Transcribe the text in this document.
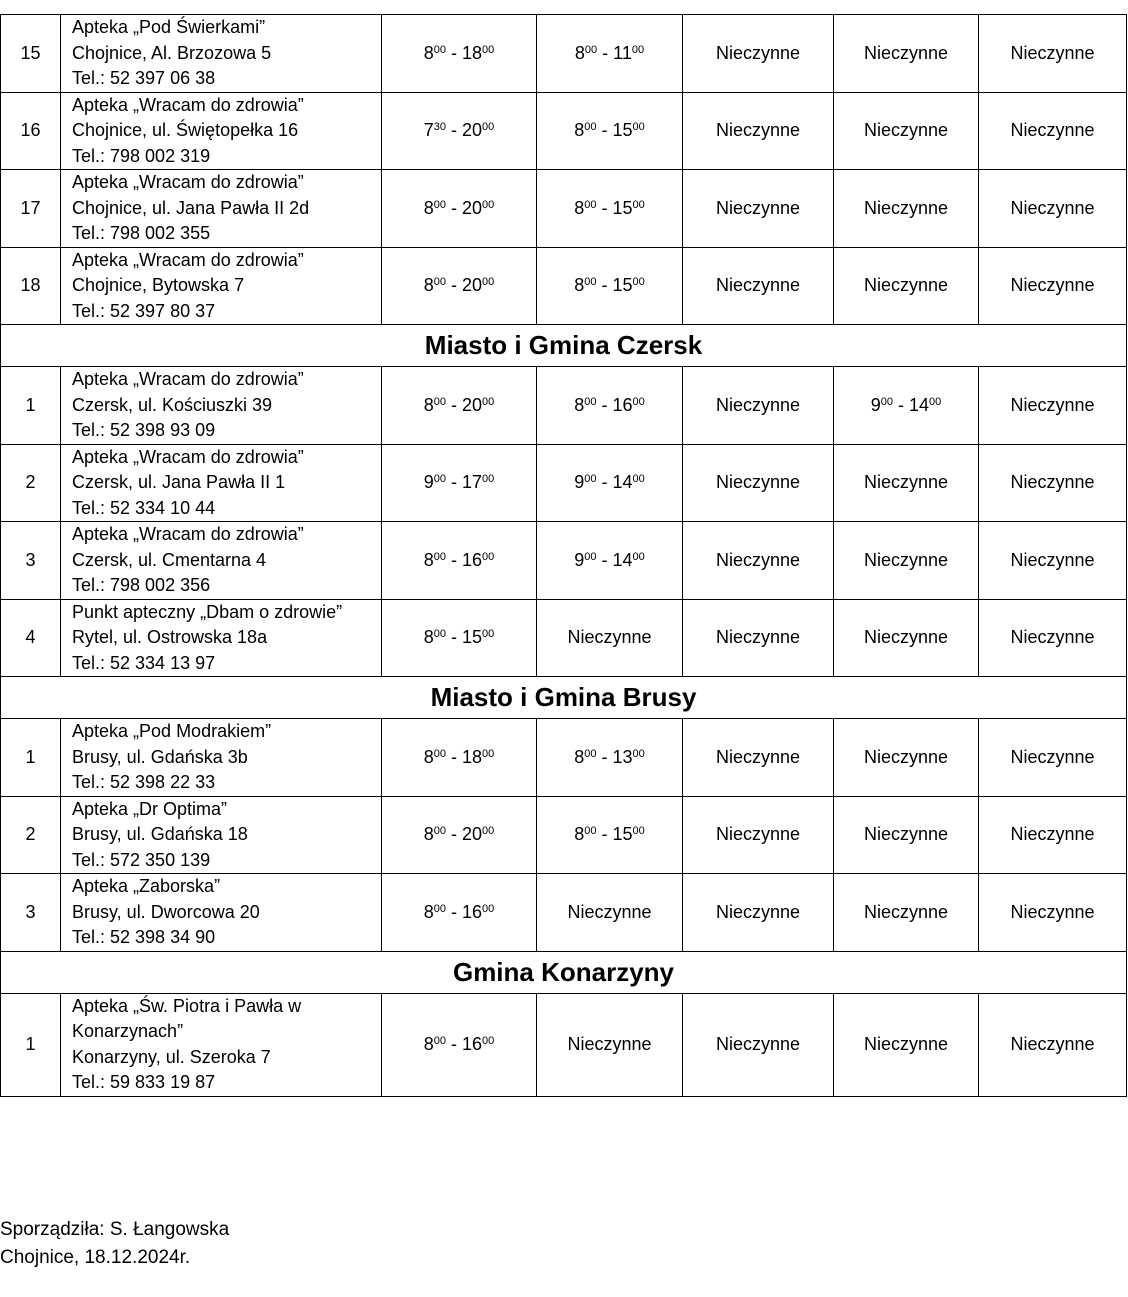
15	Apteka „Pod Świerkami”
Chojnice, Al. Brzozowa 5
Tel.: 52 397 06 38	$8^{00} - 18^{00}$	$8^{00} - 11^{00}$	Nieczynne	Nieczynne	Nieczynne
16	Apteka „Wracam do zdrowia”
Chojnice, ul. Świętopełka 16
Tel.: 798 002 319	$7^{30} - 20^{00}$	$8^{00} - 15^{00}$	Nieczynne	Nieczynne	Nieczynne
17	Apteka „Wracam do zdrowia”
Chojnice, ul. Jana Pawła II 2d
Tel.: 798 002 355	$8^{00} - 20^{00}$	$8^{00} - 15^{00}$	Nieczynne	Nieczynne	Nieczynne
18	Apteka „Wracam do zdrowia”
Chojnice, Bytowska 7
Tel.: 52 397 80 37	$8^{00} - 20^{00}$	$8^{00} - 15^{00}$	Nieczynne	Nieczynne	Nieczynne
Miasto i Gmina Czersk						
1	Apteka „Wracam do zdrowia”
Czersk, ul. Kościuszki 39
Tel.: 52 398 93 09	$8^{00} - 20^{00}$	$8^{00} - 16^{00}$	Nieczynne	$9^{00} - 14^{00}$	Nieczynne
2	Apteka „Wracam do zdrowia”
Czersk, ul. Jana Pawła II 1
Tel.: 52 334 10 44	$9^{00} - 17^{00}$	$9^{00} - 14^{00}$	Nieczynne	Nieczynne	Nieczynne
3	Apteka „Wracam do zdrowia”
Czersk, ul. Cmentarna 4
Tel.: 798 002 356	$8^{00} - 16^{00}$	$9^{00} - 14^{00}$	Nieczynne	Nieczynne	Nieczynne
4	Punkt apteczny „Dbam o zdrowie”
Rytel, ul. Ostrowska 18a
Tel.: 52 334 13 97	$8^{00} - 15^{00}$	Nieczynne	Nieczynne	Nieczynne	Nieczynne
Miasto i Gmina Brusy						
1	Apteka „Pod Modrakiem”
Brusy, ul. Gdańska 3b
Tel.: 52 398 22 33	$8^{00} - 18^{00}$	$8^{00} - 13^{00}$	Nieczynne	Nieczynne	Nieczynne
2	Apteka „Dr Optima”
Brusy, ul. Gdańska 18
Tel.: 572 350 139	$8^{00} - 20^{00}$	$8^{00} - 15^{00}$	Nieczynne	Nieczynne	Nieczynne
3	Apteka „Zaborska”
Brusy, ul. Dworcowa 20
Tel.: 52 398 34 90	$8^{00} - 16^{00}$	Nieczynne	Nieczynne	Nieczynne	Nieczynne
Gmina Konarzyny						
1	Apteka „Św. Piotra i Pawła w
Konarzynach”
Konarzyny, ul. Szeroka 7
Tel.: 59 833 19 87	$8^{00} - 16^{00}$	Nieczynne	Nieczynne	Nieczynne	Nieczynne
Sporządziła: S. Łangowska
Chojnice, 18.12.2024r.
